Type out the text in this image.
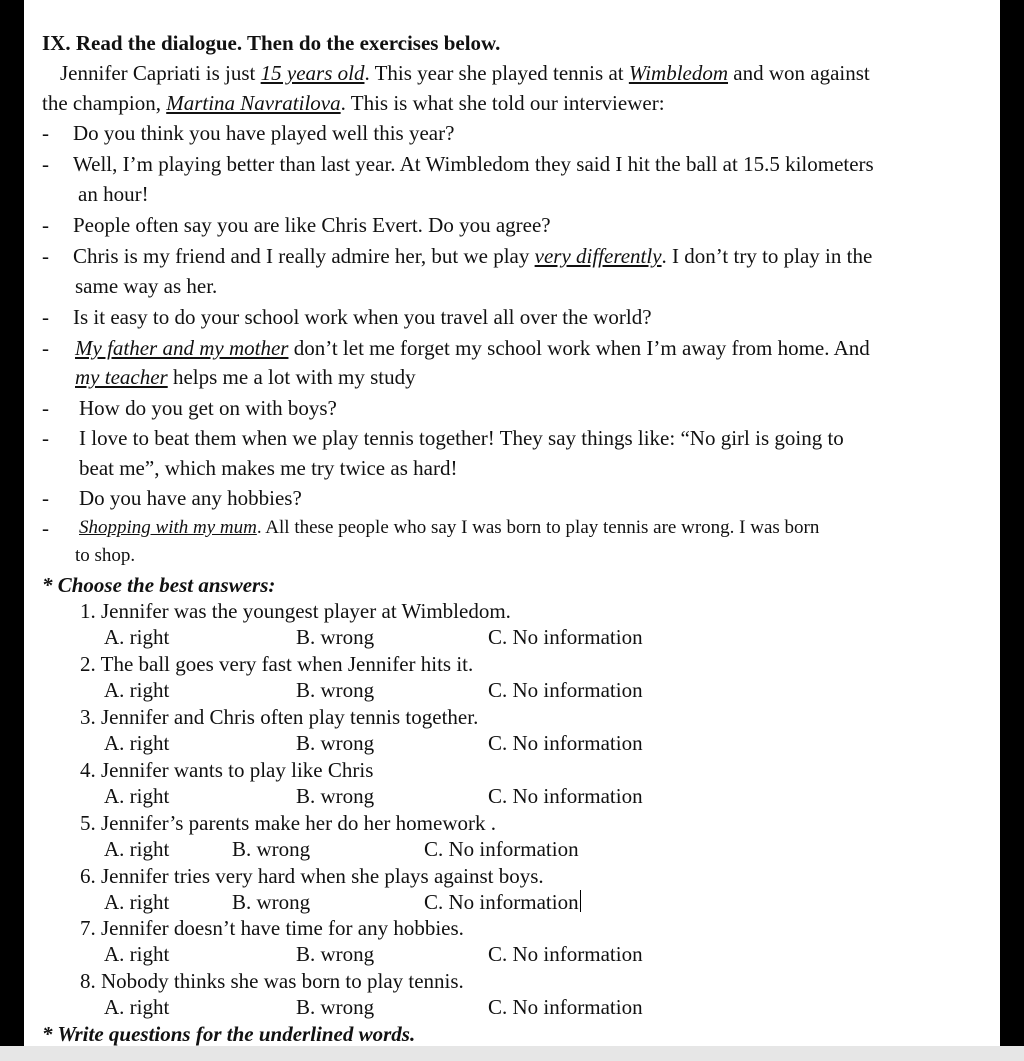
IX. Read the dialogue. Then do the exercises below.
Jennifer Capriati is just 15 years old. This year she played tennis at Wimbledom and won against
the champion, Martina Navratilova. This is what she told our interviewer:
- Do you think you have played well this year?
- Well, I’m playing better than last year. At Wimbledom they said I hit the ball at 15.5 kilometers
an hour!
- People often say you are like Chris Evert. Do you agree?
- Chris is my friend and I really admire her, but we play very differently. I don’t try to play in the
same way as her.
- Is it easy to do your school work when you travel all over the world?
- My father and my mother don’t let me forget my school work when I’m away from home. And
my teacher helps me a lot with my study
- How do you get on with boys?
- I love to beat them when we play tennis together! They say things like: “No girl is going to
beat me”, which makes me try twice as hard!
- Do you have any hobbies?
- Shopping with my mum. All these people who say I was born to play tennis are wrong. I was born
to shop.
* Choose the best answers:
1. Jennifer was the youngest player at Wimbledom.
A. right	B. wrong	C. No information
2. The ball goes very fast when Jennifer hits it.
A. right	B. wrong	C. No information
3. Jennifer and Chris often play tennis together.
A. right	B. wrong	C. No information
4. Jennifer wants to play like Chris
A. right	B. wrong	C. No information
5. Jennifer’s parents make her do her homework .
A. right	B. wrong	C. No information
6. Jennifer tries very hard when she plays against boys.
A. right	B. wrong	C. No information
7. Jennifer doesn’t have time for any hobbies.
A. right	B. wrong	C. No information
8. Nobody thinks she was born to play tennis.
A. right	B. wrong	C. No information
* Write questions for the underlined words.
